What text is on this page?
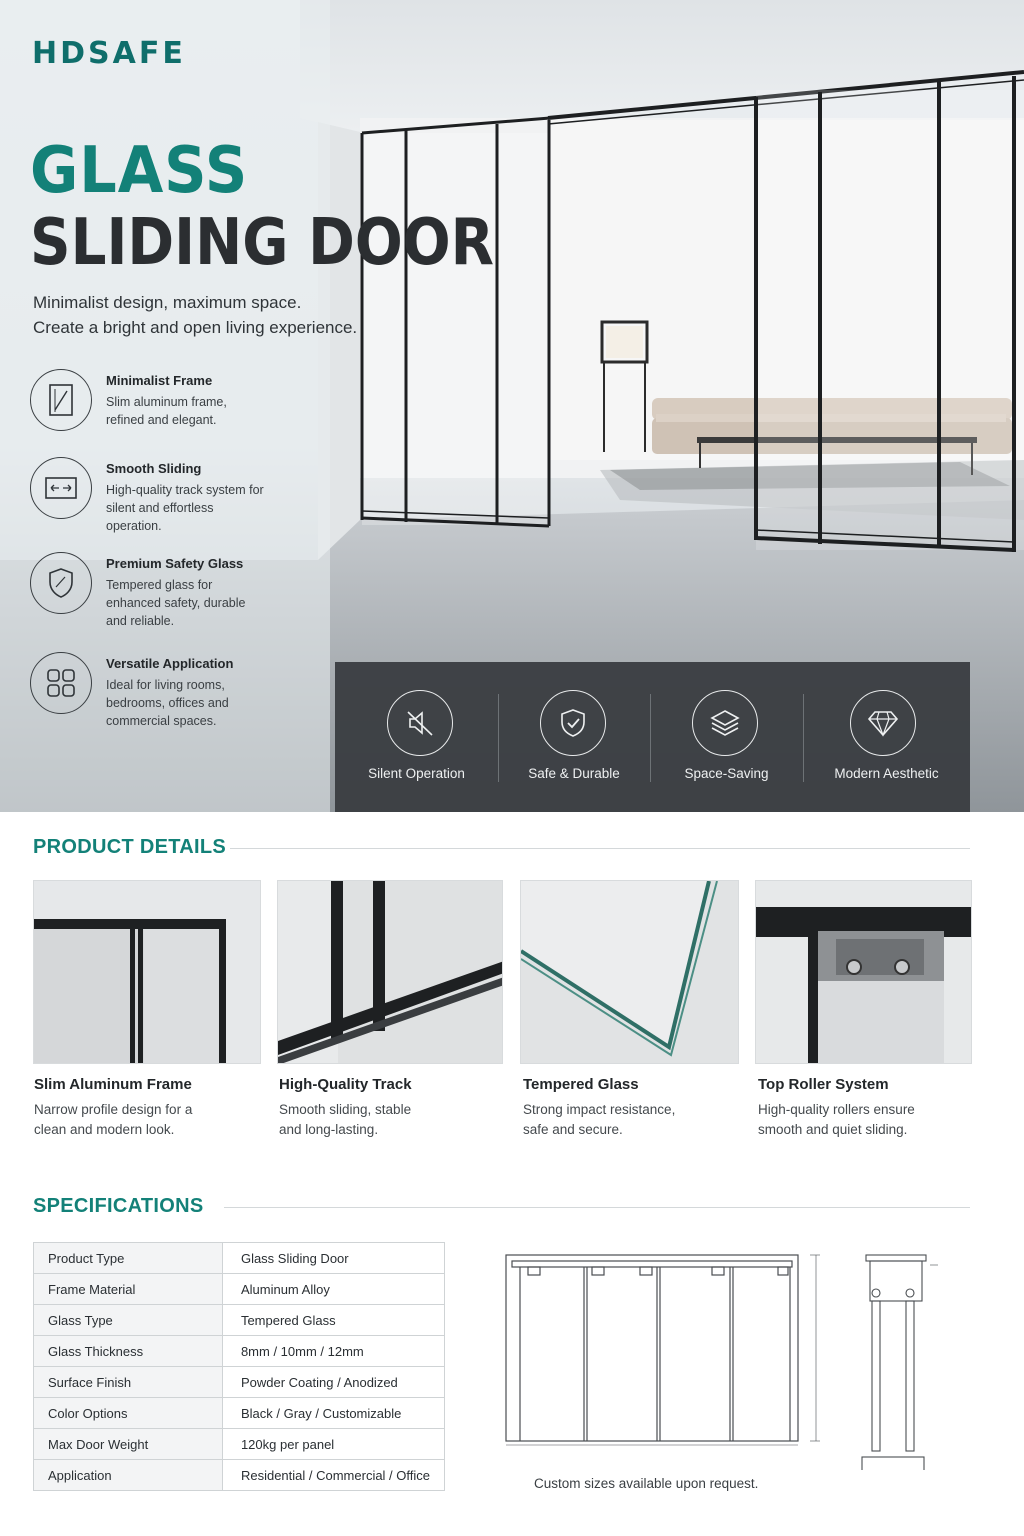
HDSAFE
GLASS
SLIDING DOOR
Minimalist design, maximum space.
Create a bright and open living experience.
Minimalist Frame
Slim aluminum frame, refined and elegant.
Smooth Sliding
High-quality track system for silent and effortless operation.
Premium Safety Glass
Tempered glass for enhanced safety, durable and reliable.
Versatile Application
Ideal for living rooms, bedrooms, offices and commercial spaces.
Silent Operation	Safe & Durable	Space-Saving	Modern Aesthetic
PRODUCT DETAILS
Slim Aluminum Frame
Narrow profile design for a
clean and modern look.
High-Quality Track
Smooth sliding, stable
and long-lasting.
Tempered Glass
Strong impact resistance,
safe and secure.
Top Roller System
High-quality rollers ensure
smooth and quiet sliding.
SPECIFICATIONS
Product Type	Glass Sliding Door
Frame Material	Aluminum Alloy
Glass Type	Tempered Glass
Glass Thickness	8mm / 10mm / 12mm
Surface Finish	Powder Coating / Anodized
Color Options	Black / Gray / Customizable
Max Door Weight	120kg per panel
Application	Residential / Commercial / Office
Custom sizes available upon request.
